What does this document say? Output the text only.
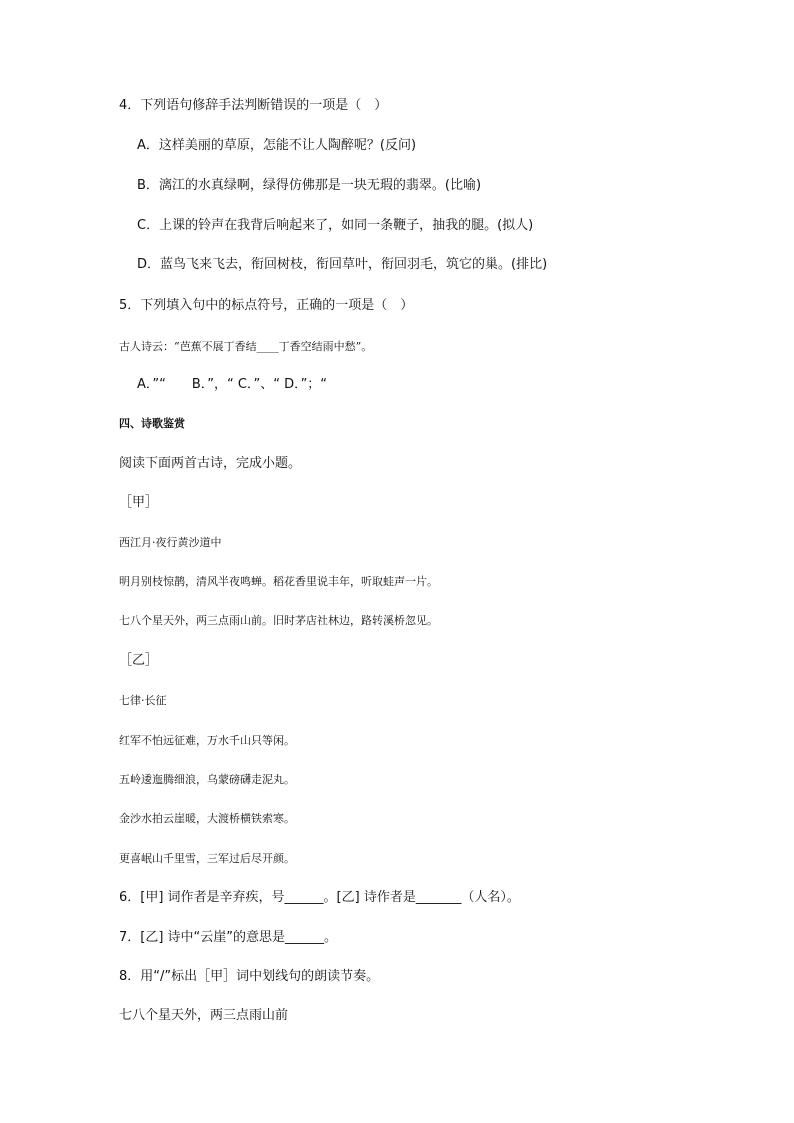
4．下列语句修辞手法判断错误的一项是（　）
A．这样美丽的草原，怎能不让人陶醉呢？(反问)
B．漓江的水真绿啊，绿得仿佛那是一块无瑕的翡翠。(比喻)
C．上课的铃声在我背后响起来了，如同一条鞭子，抽我的腿。(拟人)
D．蓝鸟飞来飞去，衔回树枝，衔回草叶，衔回羽毛，筑它的巢。(排比)
5．下列填入句中的标点符号，正确的一项是（　）
古人诗云：“芭蕉不展丁香结____丁香空结雨中愁”。
A．”“　　B．”，“ C．”、“ D．”；“
四、诗歌鉴赏
阅读下面两首古诗，完成小题。
［甲］
西江月·夜行黄沙道中
明月别枝惊鹊，清风半夜鸣蝉。稻花香里说丰年，听取蛙声一片。
七八个星天外，两三点雨山前。旧时茅店社林边，路转溪桥忽见。
［乙］
七律·长征
红军不怕远征难，万水千山只等闲。
五岭逶迤腾细浪，乌蒙磅礴走泥丸。
金沙水拍云崖暖，大渡桥横铁索寒。
更喜岷山千里雪，三军过后尽开颜。
6．[甲] 词作者是辛弃疾，号______。[乙] 诗作者是_______（人名）。
7．[乙] 诗中“云崖”的意思是______。
8．用“/”标出［甲］词中划线句的朗读节奏。
七八个星天外，两三点雨山前
